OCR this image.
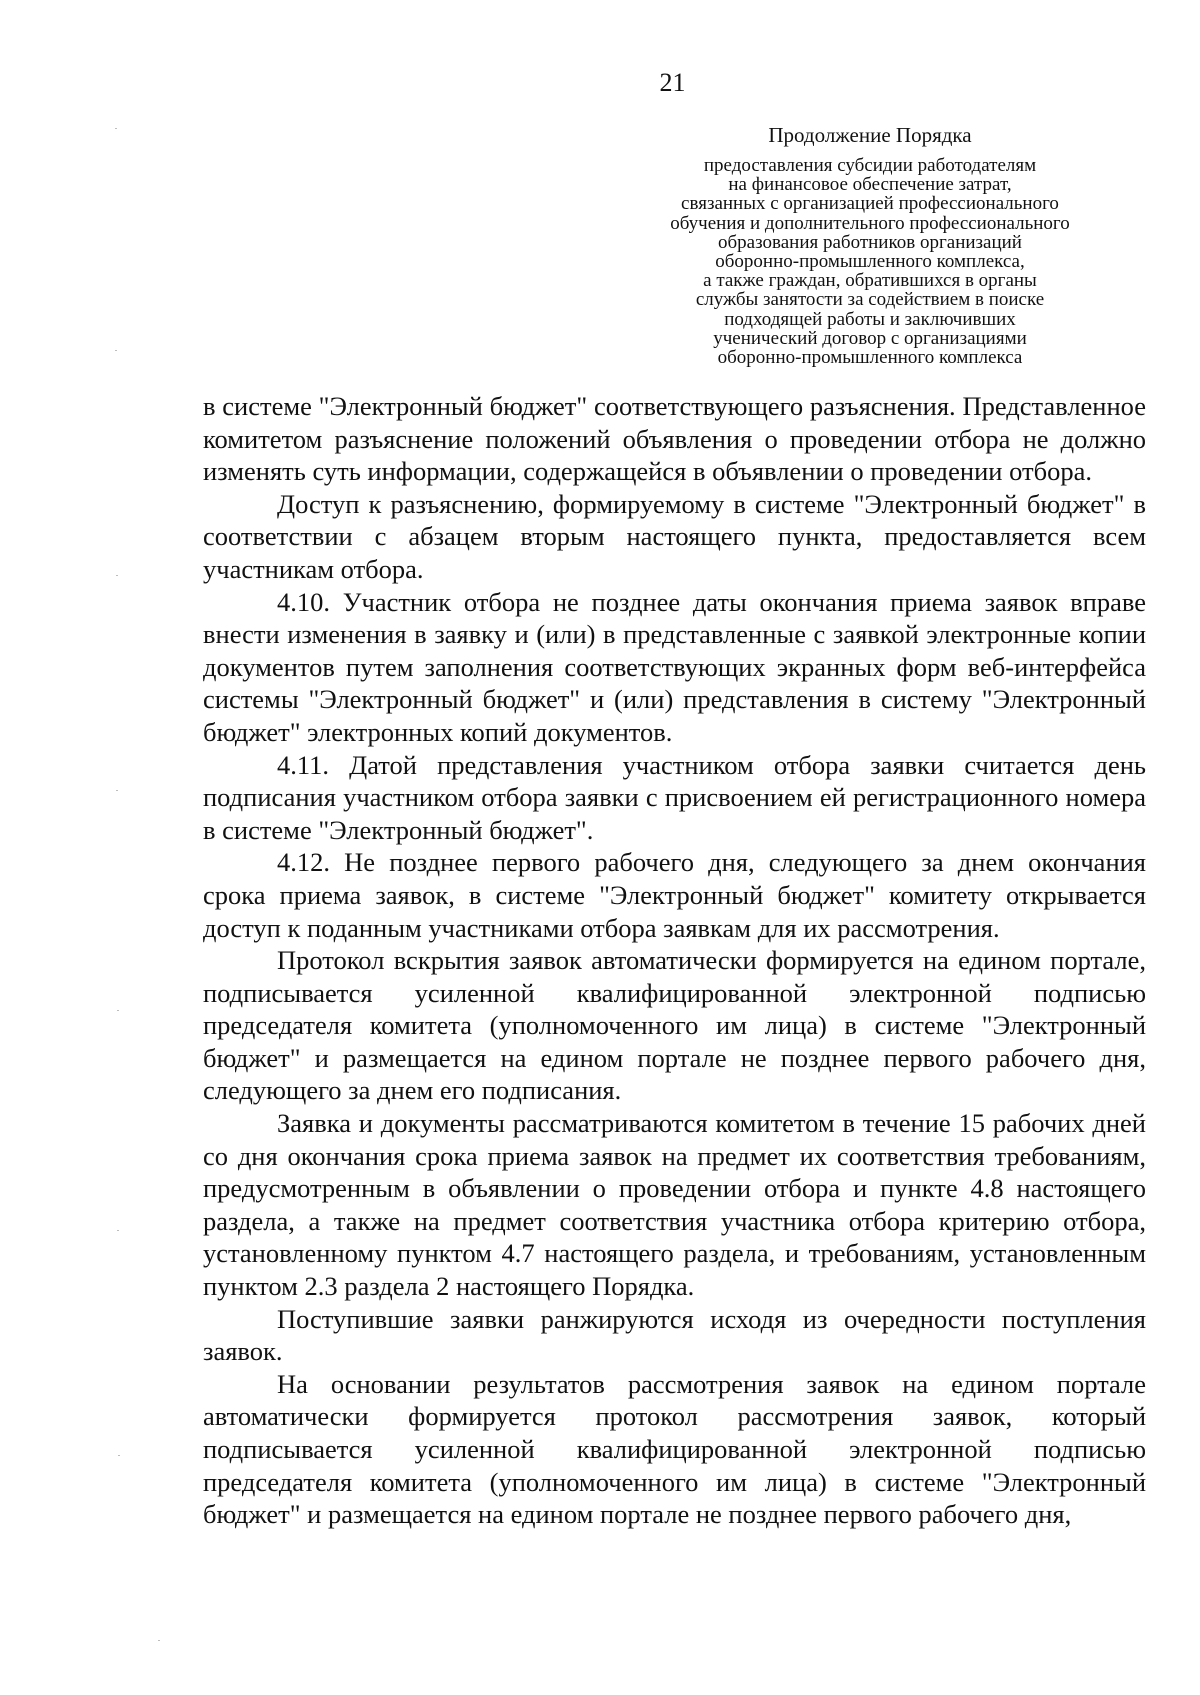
21
Продолжение Порядка
предоставления субсидии работодателям
на финансовое обеспечение затрат,
связанных с организацией профессионального
обучения и дополнительного профессионального
образования работников организаций
оборонно-промышленного комплекса,
а также граждан, обратившихся в органы
службы занятости за содействием в поиске
подходящей работы и заключивших
ученический договор с организациями
оборонно-промышленного комплекса

в системе "Электронный бюджет" соответствующего разъяснения. Представленное комитетом разъяснение положений объявления о проведении отбора не должно изменять суть информации, содержащейся в объявлении о проведении отбора.

Доступ к разъяснению, формируемому в системе "Электронный бюджет" в соответствии с абзацем вторым настоящего пункта, предоставляется всем участникам отбора.

4.10. Участник отбора не позднее даты окончания приема заявок вправе внести изменения в заявку и (или) в представленные с заявкой электронные копии документов путем заполнения соответствующих экранных форм веб-интерфейса системы "Электронный бюджет" и (или) представления в систему "Электронный бюджет" электронных копий документов.

4.11. Датой представления участником отбора заявки считается день подписания участником отбора заявки с присвоением ей регистрационного номера в системе "Электронный бюджет".

4.12. Не позднее первого рабочего дня, следующего за днем окончания срока приема заявок, в системе "Электронный бюджет" комитету открывается доступ к поданным участниками отбора заявкам для их рассмотрения.

Протокол вскрытия заявок автоматически формируется на едином портале, подписывается усиленной квалифицированной электронной подписью председателя комитета (уполномоченного им лица) в системе "Электронный бюджет" и размещается на едином портале не позднее первого рабочего дня, следующего за днем его подписания.

Заявка и документы рассматриваются комитетом в течение 15 рабочих дней со дня окончания срока приема заявок на предмет их соответствия требованиям, предусмотренным в объявлении о проведении отбора и пункте 4.8 настоящего раздела, а также на предмет соответствия участника отбора критерию отбора, установленному пунктом 4.7 настоящего раздела, и требованиям, установленным пунктом 2.3 раздела 2 настоящего Порядка.

Поступившие заявки ранжируются исходя из очередности поступления заявок.

На основании результатов рассмотрения заявок на едином портале автоматически формируется протокол рассмотрения заявок, который подписывается усиленной квалифицированной электронной подписью председателя комитета (уполномоченного им лица) в системе "Электронный бюджет" и размещается на едином портале не позднее первого рабочего дня,
